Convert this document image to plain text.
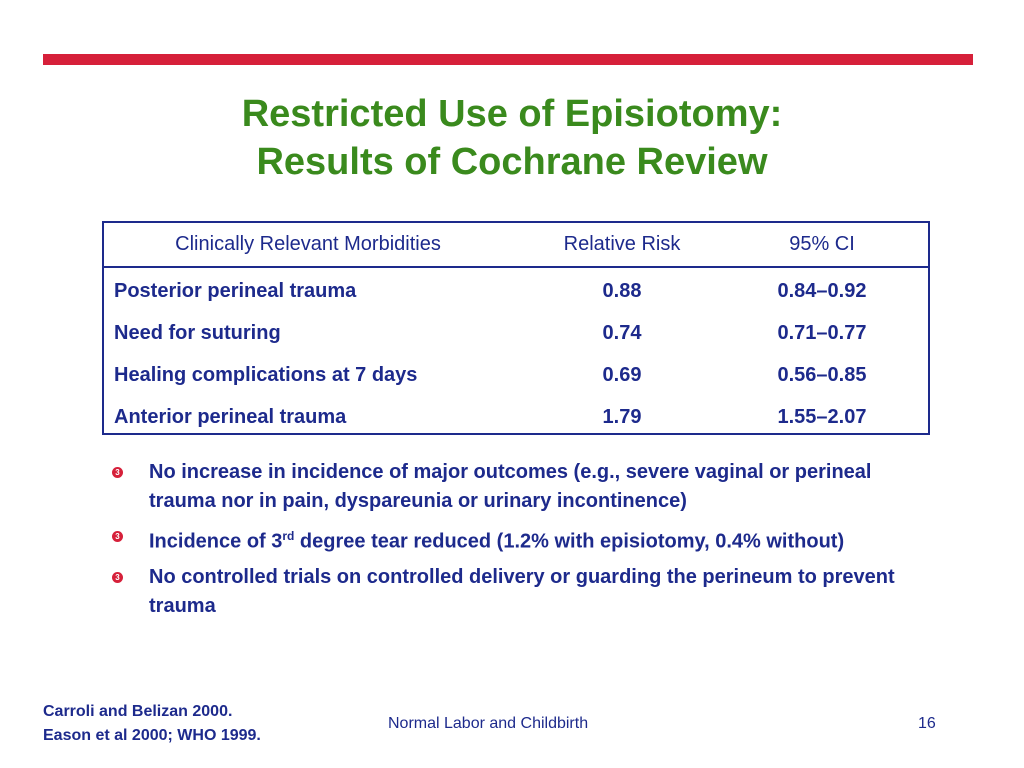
Restricted Use of Episiotomy:
Results of Cochrane Review
Clinically Relevant Morbidities	Relative Risk	95% CI
Posterior perineal trauma	0.88	0.84–0.92
Need for suturing	0.74	0.71–0.77
Healing complications at 7 days	0.69	0.56–0.85
Anterior perineal trauma	1.79	1.55–2.07
3 No increase in incidence of major outcomes (e.g., severe vaginal or perineal trauma nor in pain, dyspareunia or urinary incontinence)
3 Incidence of 3rd degree tear reduced (1.2% with episiotomy, 0.4% without)
3 No controlled trials on controlled delivery or guarding the perineum to prevent trauma
Carroli and Belizan 2000.
Eason et al 2000; WHO 1999.
Normal Labor and Childbirth	16
